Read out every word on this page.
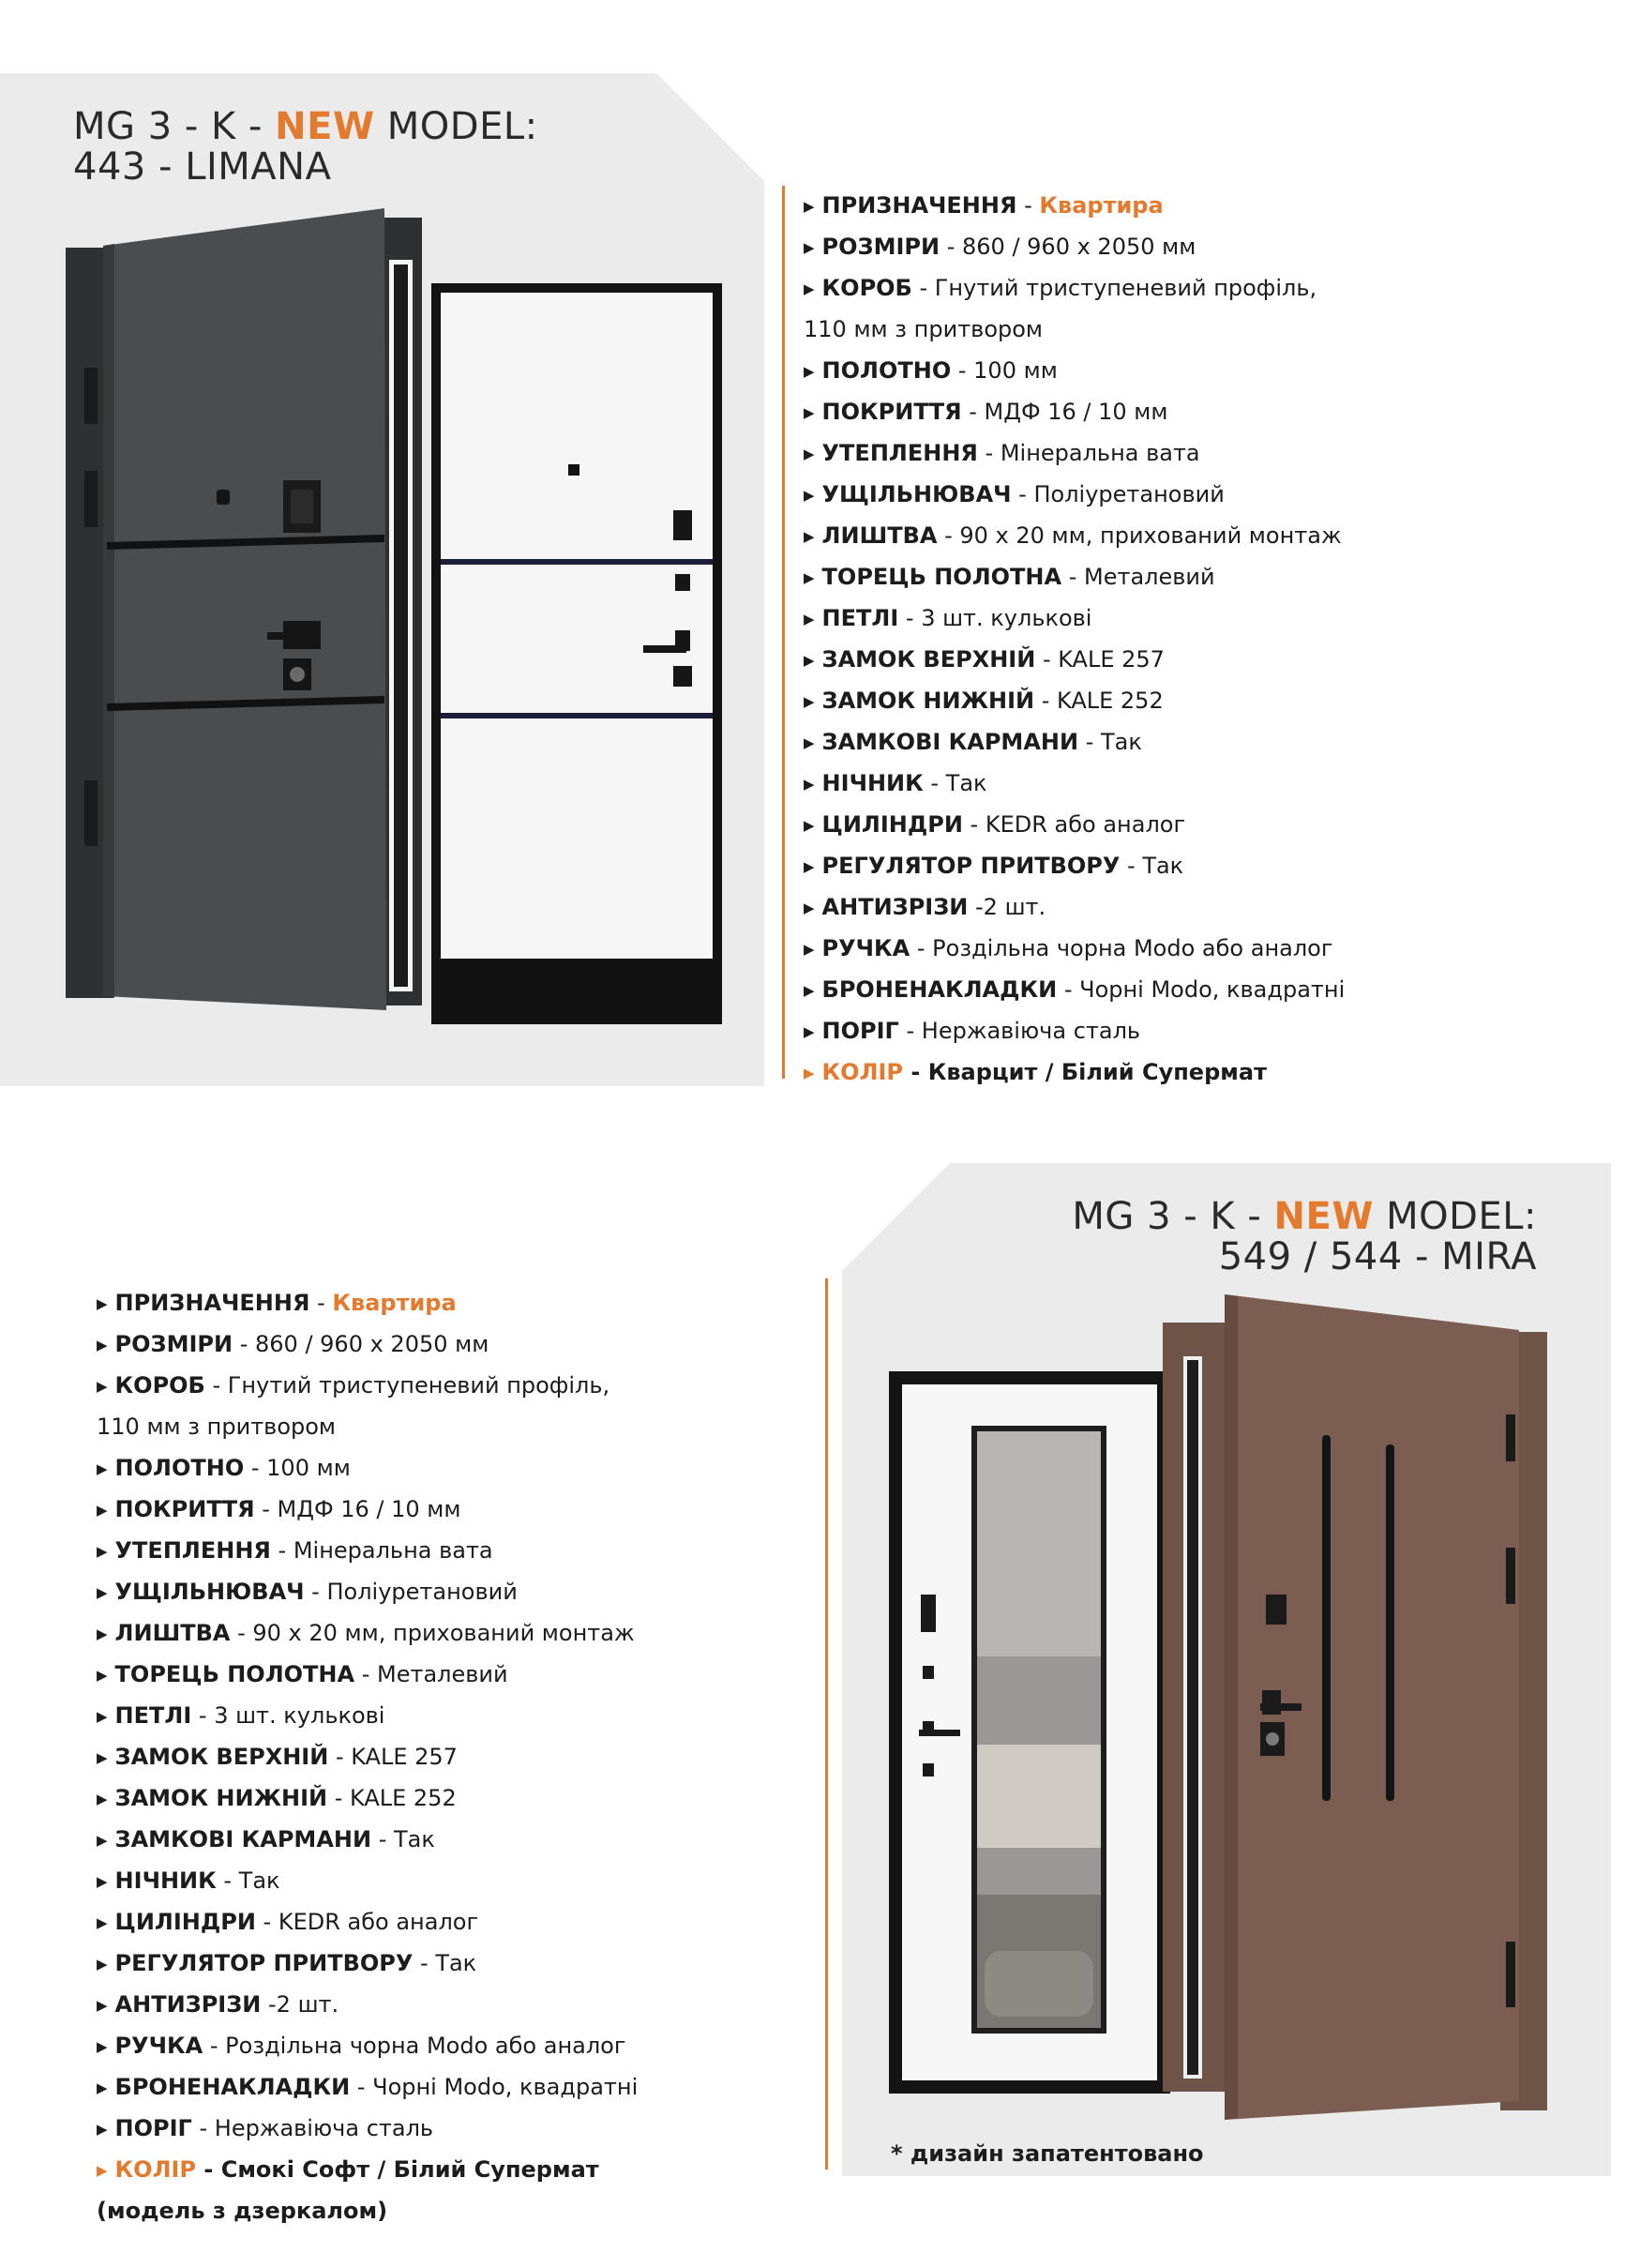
MG 3 - K - NEW MODEL:
443 - LIMANA
▶ ПРИЗНАЧЕННЯ - Квартира
▶ РОЗМІРИ - 860 / 960 х 2050 мм
▶ КОРОБ - Гнутий триступеневий профіль,
110 мм з притвором
▶ ПОЛОТНО - 100 мм
▶ ПОКРИТТЯ - МДФ 16 / 10 мм
▶ УТЕПЛЕННЯ - Мінеральна вата
▶ УЩІЛЬНЮВАЧ - Поліуретановий
▶ ЛИШТВА - 90 х 20 мм, прихований монтаж
▶ ТОРЕЦЬ ПОЛОТНА - Металевий
▶ ПЕТЛІ - 3 шт. кулькові
▶ ЗАМОК ВЕРХНІЙ - KALE 257
▶ ЗАМОК НИЖНІЙ - KALE 252
▶ ЗАМКОВІ КАРМАНИ - Так
▶ НІЧНИК - Так
▶ ЦИЛІНДРИ - KEDR або аналог
▶ РЕГУЛЯТОР ПРИТВОРУ - Так
▶ АНТИЗРІЗИ -2 шт.
▶ РУЧКА - Роздільна чорна Modo або аналог
▶ БРОНЕНАКЛАДКИ - Чорні Modo, квадратні
▶ ПОРІГ - Нержавіюча сталь
▶ КОЛІР - Кварцит / Білий Супермат
MG 3 - K - NEW MODEL:
549 / 544 - MIRA
▶ ПРИЗНАЧЕННЯ - Квартира
▶ РОЗМІРИ - 860 / 960 х 2050 мм
▶ КОРОБ - Гнутий триступеневий профіль,
110 мм з притвором
▶ ПОЛОТНО - 100 мм
▶ ПОКРИТТЯ - МДФ 16 / 10 мм
▶ УТЕПЛЕННЯ - Мінеральна вата
▶ УЩІЛЬНЮВАЧ - Поліуретановий
▶ ЛИШТВА - 90 х 20 мм, прихований монтаж
▶ ТОРЕЦЬ ПОЛОТНА - Металевий
▶ ПЕТЛІ - 3 шт. кулькові
▶ ЗАМОК ВЕРХНІЙ - KALE 257
▶ ЗАМОК НИЖНІЙ - KALE 252
▶ ЗАМКОВІ КАРМАНИ - Так
▶ НІЧНИК - Так
▶ ЦИЛІНДРИ - KEDR або аналог
▶ РЕГУЛЯТОР ПРИТВОРУ - Так
▶ АНТИЗРІЗИ -2 шт.
▶ РУЧКА - Роздільна чорна Modo або аналог
▶ БРОНЕНАКЛАДКИ - Чорні Modo, квадратні
▶ ПОРІГ - Нержавіюча сталь
▶ КОЛІР - Смокі Софт / Білий Супермат
(модель з дзеркалом)
* дизайн запатентовано
